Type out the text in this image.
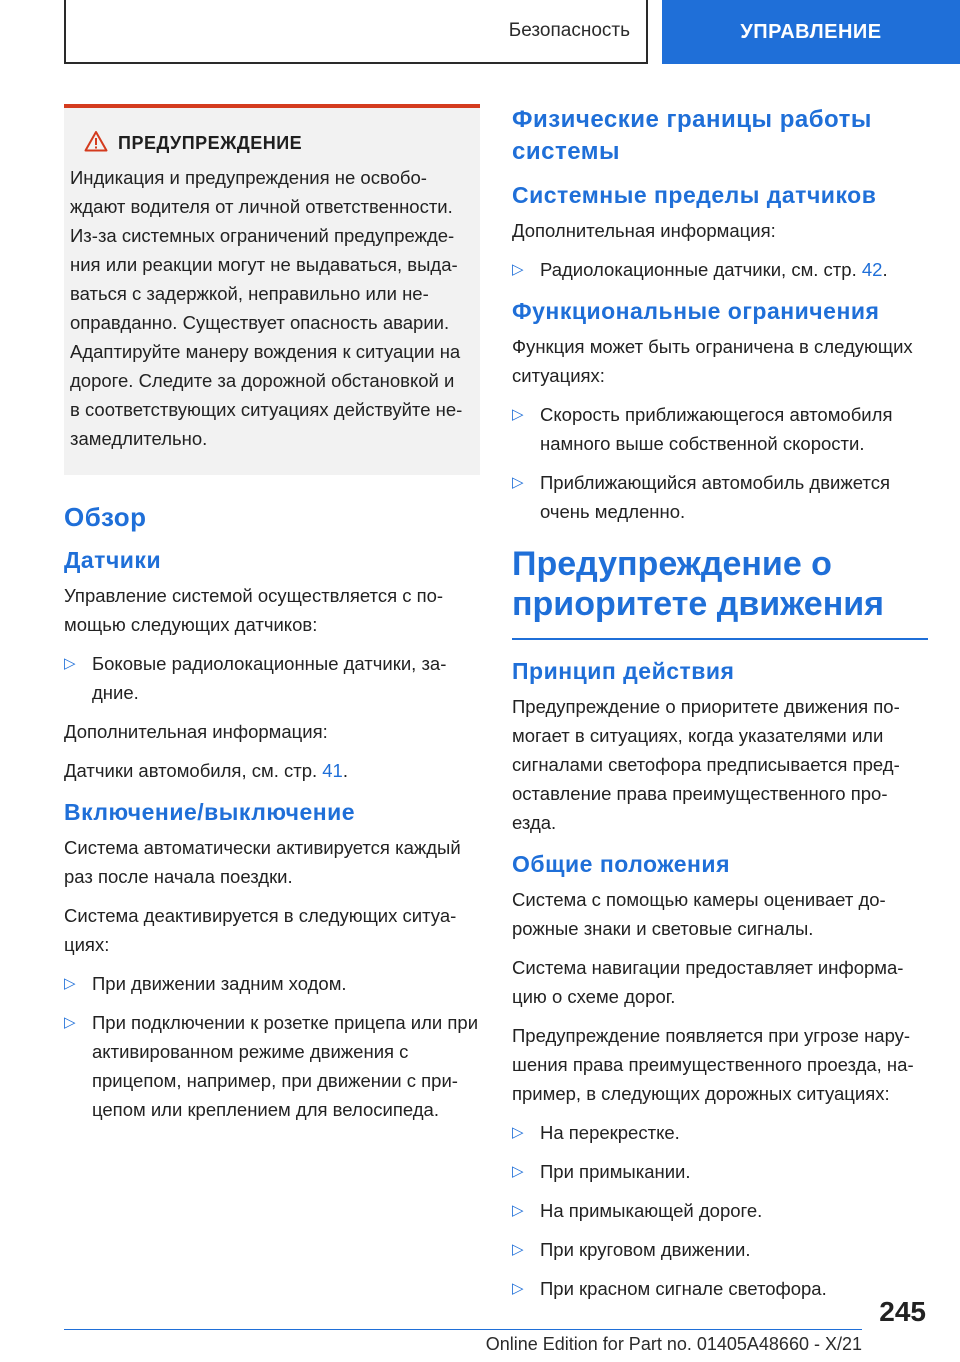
Безопасность	УПРАВЛЕНИЕ
ПРЕДУПРЕЖДЕНИЕ
Индикация и предупреждения не освобо-ждают водителя от личной ответственности. Из-за системных ограничений предупрежде-ния или реакции могут не выдаваться, выда-ваться с задержкой, неправильно или не-оправданно. Существует опасность аварии. Адаптируйте манеру вождения к ситуации на дороге. Следите за дорожной обстановкой и в соответствующих ситуациях действуйте не-замедлительно.
Обзор
Датчики

Управление системой осуществляется с по-мощью следующих датчиков:

▷ Боковые радиолокационные датчики, за-дние.

Дополнительная информация:

Датчики автомобиля, см. стр. 41.

Включение/выключение

Система автоматически активируется каждый раз после начала поездки.

Система деактивируется в следующих ситуа-циях:

▷ При движении задним ходом.
▷ При подключении к розетке прицепа или при активированном режиме движения с прицепом, например, при движении с при-цепом или креплением для велосипеда.
Физические границы работы системы
Системные пределы датчиков

Дополнительная информация:

▷ Радиолокационные датчики, см. стр. 42.
Функциональные ограничения

Функция может быть ограничена в следующих ситуациях:

▷ Скорость приближающегося автомобиля намного выше собственной скорости.
▷ Приближающийся автомобиль движется очень медленно.
Предупреждение о приоритете движения
Принцип действия

Предупреждение о приоритете движения по-могает в ситуациях, когда указателями или сигналами светофора предписывается пред-оставление права преимущественного про-езда.

Общие положения

Система с помощью камеры оценивает до-рожные знаки и световые сигналы.

Система навигации предоставляет информа-цию о схеме дорог.

Предупреждение появляется при угрозе нару-шения права преимущественного проезда, на-пример, в следующих дорожных ситуациях:

▷ На перекрестке.
▷ При примыкании.
▷ На примыкающей дороге.
▷ При круговом движении.
▷ При красном сигнале светофора.
245
Online Edition for Part no. 01405A48660 - X/21
